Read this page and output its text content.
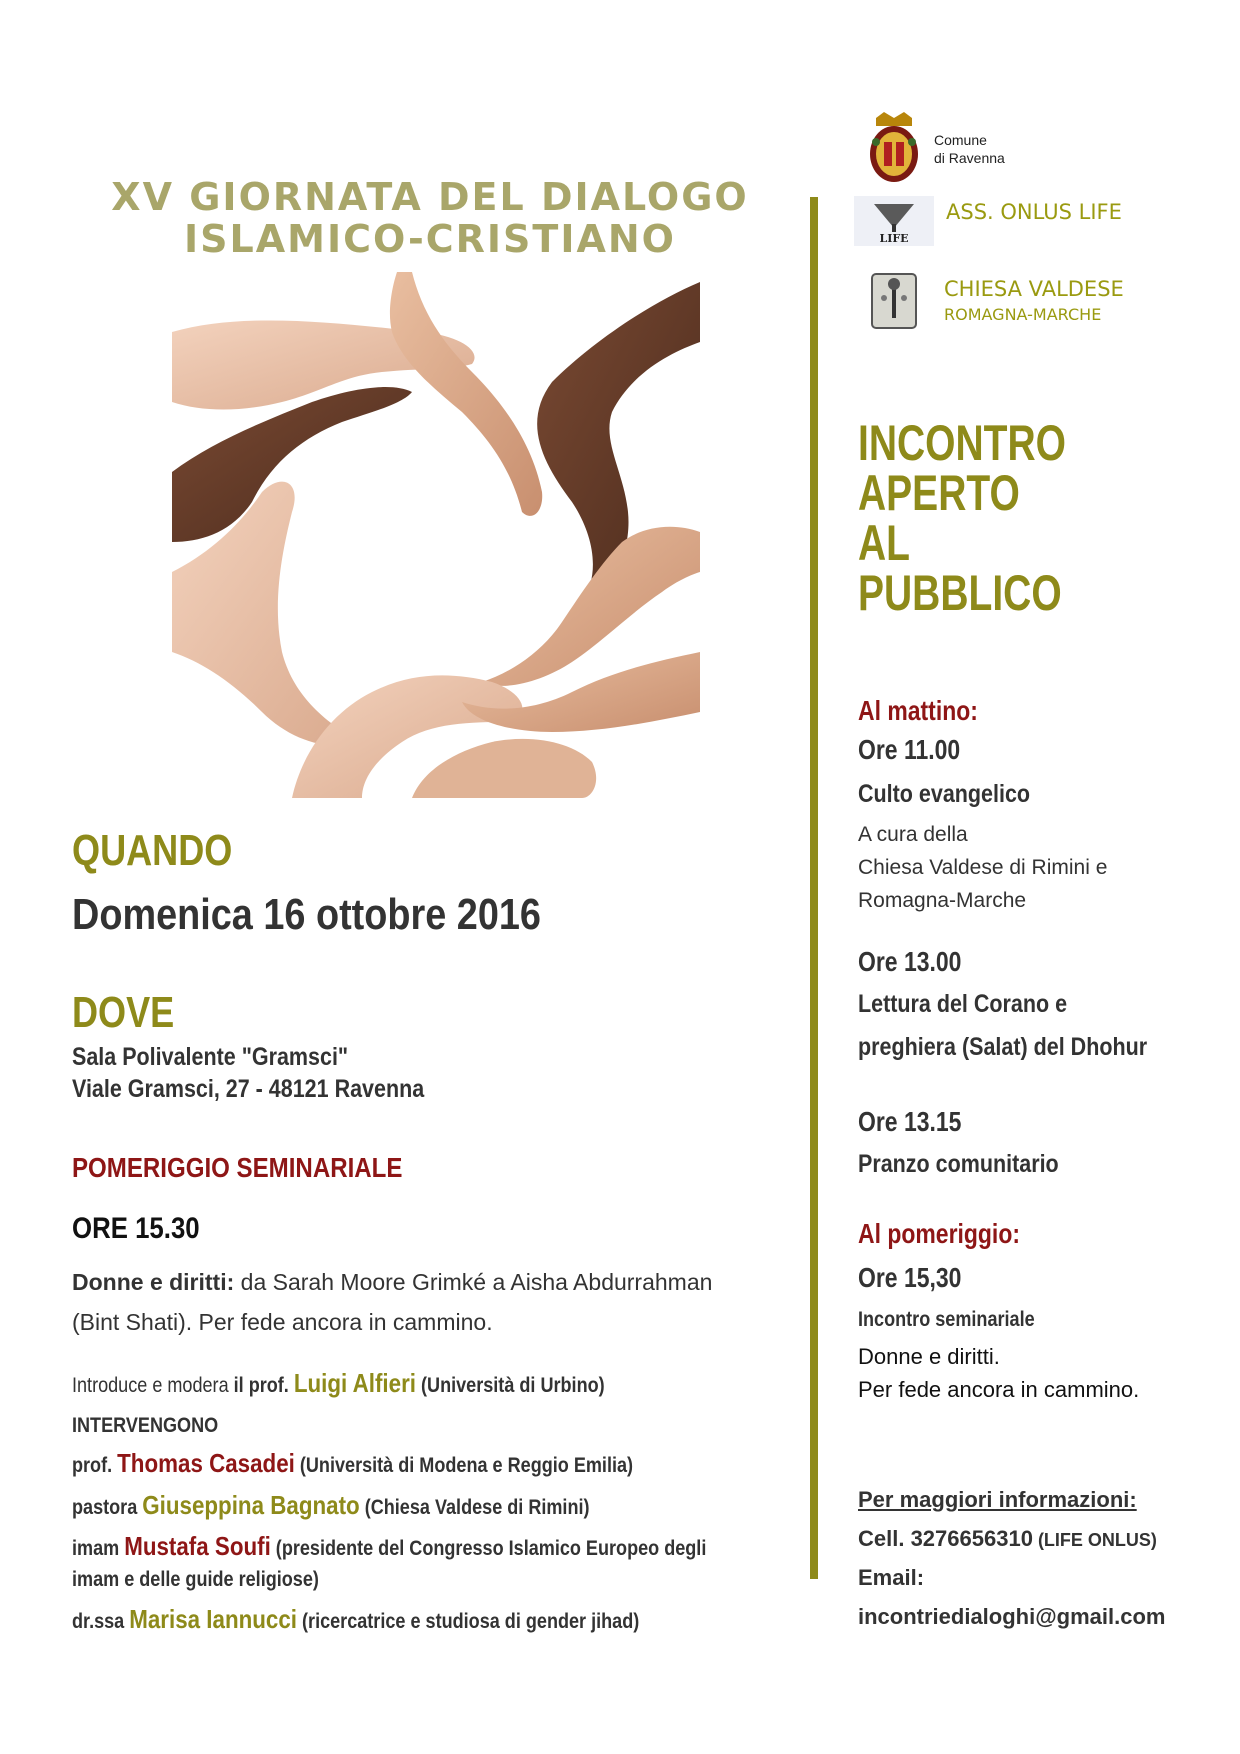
XV GIORNATA DEL DIALOGO
ISLAMICO-CRISTIANO
QUANDO
Domenica 16 ottobre 2016
DOVE
Sala Polivalente "Gramsci"
Viale Gramsci, 27 - 48121 Ravenna
POMERIGGIO SEMINARIALE
ORE 15.30
Donne e diritti: da Sarah Moore Grimké a Aisha Abdurrahman
(Bint Shati). Per fede ancora in cammino.
Introduce e modera il prof. Luigi Alfieri (Università di Urbino)
INTERVENGONO
prof. Thomas Casadei (Università di Modena e Reggio Emilia)
pastora Giuseppina Bagnato (Chiesa Valdese di Rimini)
imam Mustafa Soufi (presidente del Congresso Islamico Europeo degli
imam e delle guide religiose)
dr.ssa Marisa Iannucci (ricercatrice e studiosa di gender jihad)
Comune
di Ravenna
LIFE
ASS. ONLUS LIFE
CHIESA VALDESE
ROMAGNA-MARCHE
INCONTRO
APERTO
AL
PUBBLICO
Al mattino:
Ore 11.00
Culto evangelico
A cura della
Chiesa Valdese di Rimini e
Romagna-Marche
Ore 13.00
Lettura del Corano e
preghiera (Salat) del Dhohur
Ore 13.15
Pranzo comunitario
Al pomeriggio:
Ore 15,30
Incontro seminariale
Donne e diritti.
Per fede ancora in cammino.
Per maggiori informazioni:
Cell. 3276656310 (LIFE ONLUS)
Email:
incontriedialoghi@gmail.com
